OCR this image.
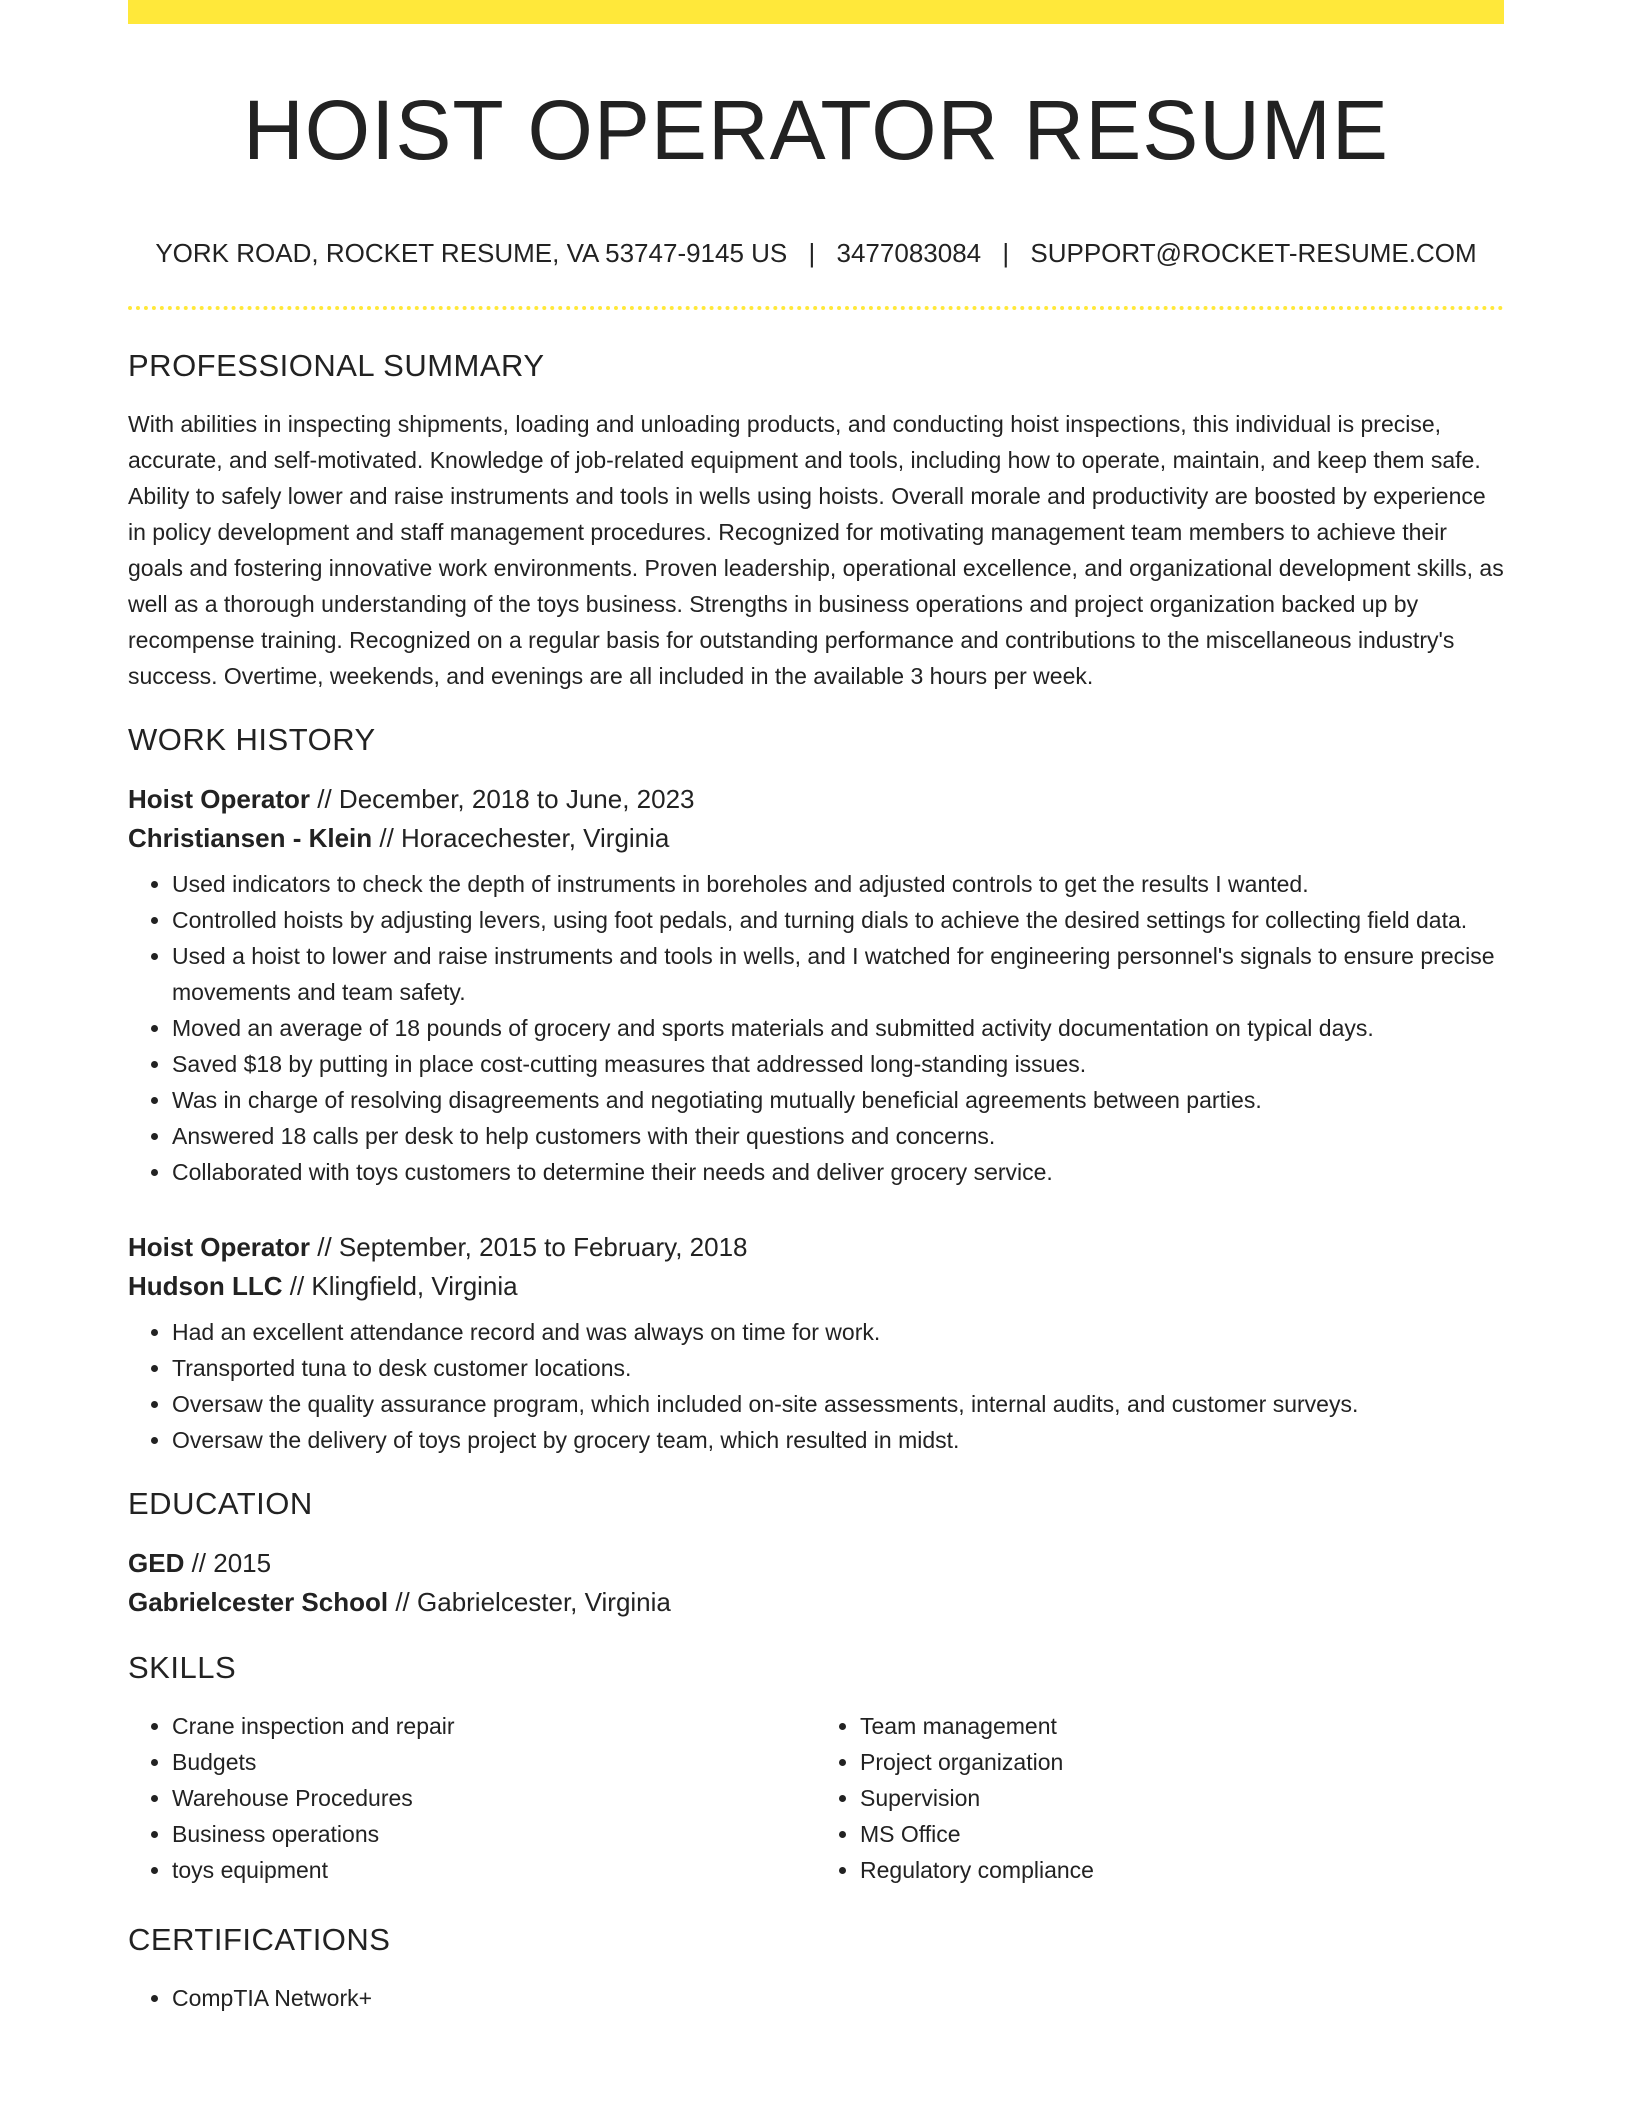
HOIST OPERATOR RESUME
YORK ROAD, ROCKET RESUME, VA 53747-9145 US | 3477083084 | SUPPORT@ROCKET-RESUME.COM
PROFESSIONAL SUMMARY

With abilities in inspecting shipments, loading and unloading products, and conducting hoist inspections, this individual is precise, accurate, and self-motivated. Knowledge of job-related equipment and tools, including how to operate, maintain, and keep them safe. Ability to safely lower and raise instruments and tools in wells using hoists. Overall morale and productivity are boosted by experience in policy development and staff management procedures. Recognized for motivating management team members to achieve their goals and fostering innovative work environments. Proven leadership, operational excellence, and organizational development skills, as well as a thorough understanding of the toys business. Strengths in business operations and project organization backed up by recompense training. Recognized on a regular basis for outstanding performance and contributions to the miscellaneous industry's success. Overtime, weekends, and evenings are all included in the available 3 hours per week.

WORK HISTORY
Hoist Operator // December, 2018 to June, 2023
Christiansen - Klein // Horacechester, Virginia
• Used indicators to check the depth of instruments in boreholes and adjusted controls to get the results I wanted.
• Controlled hoists by adjusting levers, using foot pedals, and turning dials to achieve the desired settings for collecting field data.
• Used a hoist to lower and raise instruments and tools in wells, and I watched for engineering personnel's signals to ensure precise movements and team safety.
• Moved an average of 18 pounds of grocery and sports materials and submitted activity documentation on typical days.
• Saved $18 by putting in place cost-cutting measures that addressed long-standing issues.
• Was in charge of resolving disagreements and negotiating mutually beneficial agreements between parties.
• Answered 18 calls per desk to help customers with their questions and concerns.
• Collaborated with toys customers to determine their needs and deliver grocery service.
Hoist Operator // September, 2015 to February, 2018
Hudson LLC // Klingfield, Virginia
• Had an excellent attendance record and was always on time for work.
• Transported tuna to desk customer locations.
• Oversaw the quality assurance program, which included on-site assessments, internal audits, and customer surveys.
• Oversaw the delivery of toys project by grocery team, which resulted in midst.
EDUCATION
GED // 2015
Gabrielcester School // Gabrielcester, Virginia
SKILLS
• Crane inspection and repair
• Budgets
• Warehouse Procedures
• Business operations
• toys equipment
• Team management
• Project organization
• Supervision
• MS Office
• Regulatory compliance
CERTIFICATIONS
• CompTIA Network+
